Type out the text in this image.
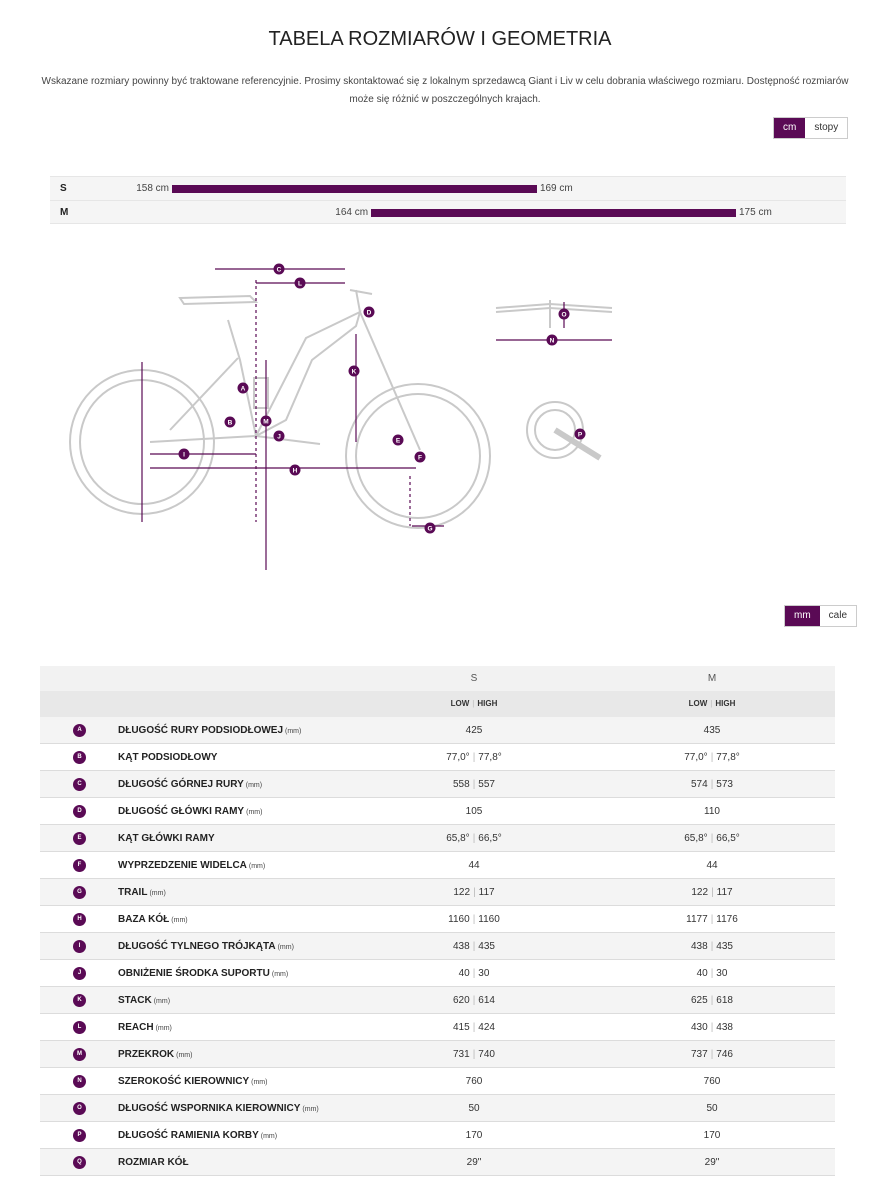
TABELA ROZMIARÓW I GEOMETRIA
Wskazane rozmiary powinny być traktowane referencyjnie. Prosimy skontaktować się z lokalnym sprzedawcą Giant i Liv w celu dobrania właściwego rozmiaru. Dostępność rozmiarów może się różnić w poszczególnych krajach.
cm	stopy
S	158 cm	169 cm
M	164 cm	175 cm
A
B
C
D
E
F
G
H
I
J
K
L
M
N
O
P
mm	cale
S	M
LOW | HIGH	LOW | HIGH
A	DŁUGOŚĆ RURY PODSIODŁOWEJ (mm)	425	435
B	KĄT PODSIODŁOWY	77,0° | 77,8°	77,0° | 77,8°
C	DŁUGOŚĆ GÓRNEJ RURY (mm)	558 | 557	574 | 573
D	DŁUGOŚĆ GŁÓWKI RAMY (mm)	105	110
E	KĄT GŁÓWKI RAMY	65,8° | 66,5°	65,8° | 66,5°
F	WYPRZEDZENIE WIDELCA (mm)	44	44
G	TRAIL (mm)	122 | 117	122 | 117
H	BAZA KÓŁ (mm)	1160 | 1160	1177 | 1176
I	DŁUGOŚĆ TYLNEGO TRÓJKĄTA (mm)	438 | 435	438 | 435
J	OBNIŻENIE ŚRODKA SUPORTU (mm)	40 | 30	40 | 30
K	STACK (mm)	620 | 614	625 | 618
L	REACH (mm)	415 | 424	430 | 438
M	PRZEKROK (mm)	731 | 740	737 | 746
N	SZEROKOŚĆ KIEROWNICY (mm)	760	760
O	DŁUGOŚĆ WSPORNIKA KIEROWNICY (mm)	50	50
P	DŁUGOŚĆ RAMIENIA KORBY (mm)	170	170
Q	ROZMIAR KÓŁ	29"	29"
